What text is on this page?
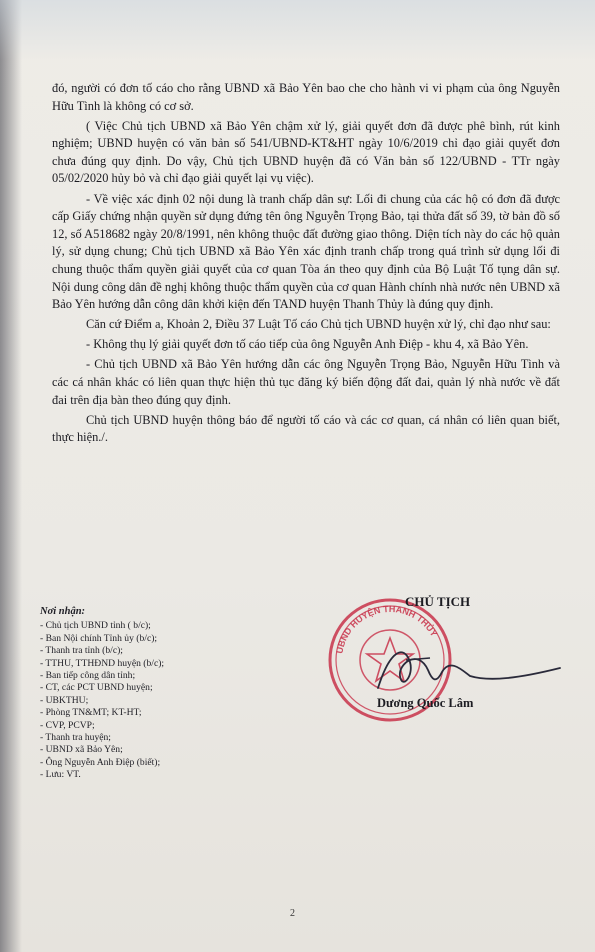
đó, người có đơn tố cáo cho rằng UBND xã Bảo Yên bao che cho hành vi vi phạm của ông Nguyễn Hữu Tình là không có cơ sở.

( Việc Chủ tịch UBND xã Bảo Yên chậm xử lý, giải quyết đơn đã được phê bình, rút kinh nghiệm; UBND huyện có văn bản số 541/UBND-KT&HT ngày 10/6/2019 chỉ đạo giải quyết đơn chưa đúng quy định. Do vậy, Chủ tịch UBND huyện đã có Văn bản số 122/UBND - TTr ngày 05/02/2020 hủy bỏ và chỉ đạo giải quyết lại vụ việc).

- Về việc xác định 02 nội dung là tranh chấp dân sự: Lối đi chung của các hộ có đơn đã được cấp Giấy chứng nhận quyền sử dụng đứng tên ông Nguyễn Trọng Bảo, tại thửa đất số 39, tờ bản đồ số 12, số A518682 ngày 20/8/1991, nên không thuộc đất đường giao thông. Diện tích này do các hộ quản lý, sử dụng chung; Chủ tịch UBND xã Bảo Yên xác định tranh chấp trong quá trình sử dụng lối đi chung thuộc thẩm quyền giải quyết của cơ quan Tòa án theo quy định của Bộ Luật Tố tụng dân sự. Nội dung công dân đề nghị không thuộc thẩm quyền của cơ quan Hành chính nhà nước nên UBND xã Bảo Yên hướng dẫn công dân khởi kiện đến TAND huyện Thanh Thủy là đúng quy định.

Căn cứ Điểm a, Khoản 2, Điều 37 Luật Tố cáo Chủ tịch UBND huyện xử lý, chỉ đạo như sau:

- Không thụ lý giải quyết đơn tố cáo tiếp của ông Nguyễn Anh Điệp - khu 4, xã Bảo Yên.

- Chủ tịch UBND xã Bảo Yên hướng dẫn các ông Nguyễn Trọng Bảo, Nguyễn Hữu Tình và các cá nhân khác có liên quan thực hiện thủ tục đăng ký biến động đất đai, quản lý nhà nước về đất đai trên địa bàn theo đúng quy định.

Chủ tịch UBND huyện thông báo để người tố cáo và các cơ quan, cá nhân có liên quan biết, thực hiện./.

Nơi nhận:
- Chủ tịch UBND tỉnh ( b/c);
- Ban Nội chính Tỉnh ủy (b/c);
- Thanh tra tỉnh (b/c);
- TTHU, TTHĐND huyện (b/c);
- Ban tiếp công dân tỉnh;
- CT, các PCT UBND huyện;
- UBKTHU;
- Phòng TN&MT; KT-HT;
- CVP, PCVP;
- Thanh tra huyện;
- UBND xã Bảo Yên;
- Ông Nguyễn Anh Điệp (biết);
- Lưu: VT.
UBND HUYỆN THANH THỦY
CHỦ TỊCH
Dương Quốc Lâm
2
